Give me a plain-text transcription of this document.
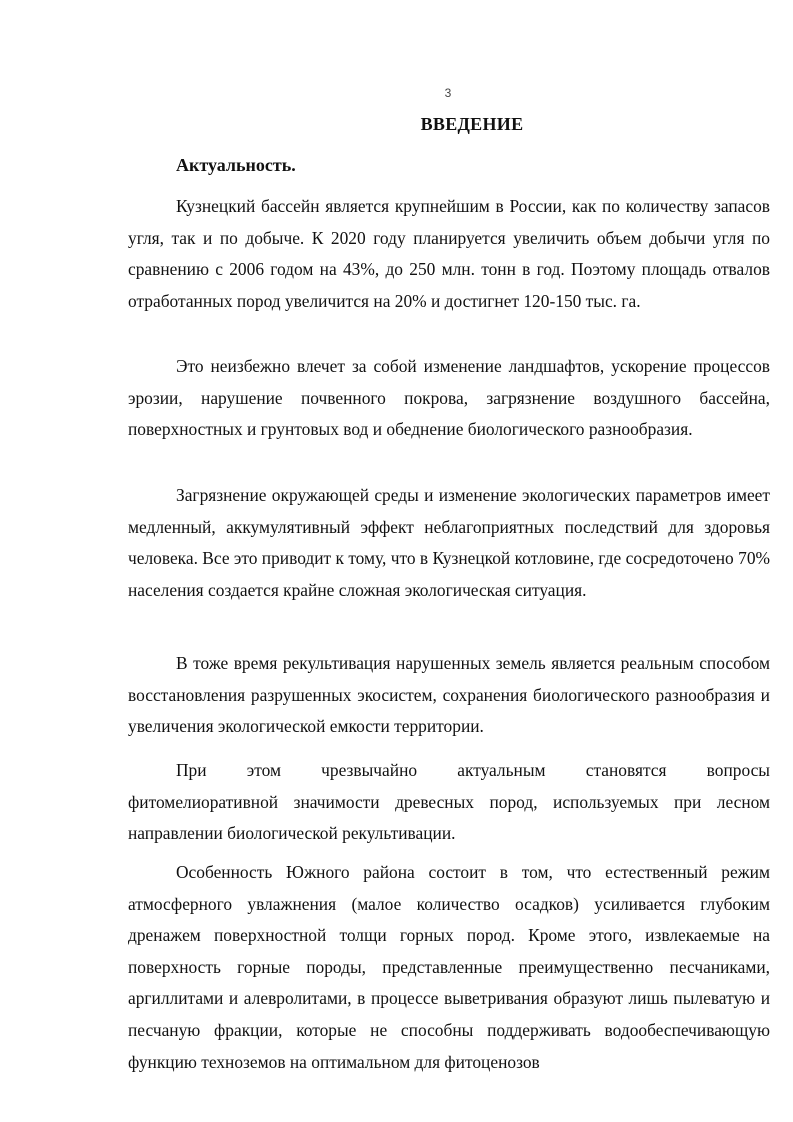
3
ВВЕДЕНИЕ
Актуальность.

Кузнецкий бассейн является крупнейшим в России, как по количеству запасов угля, так и по добыче. К 2020 году планируется увеличить объем добычи угля по сравнению с 2006 годом на 43%, до 250 млн. тонн в год. Поэтому площадь отвалов отработанных пород увеличится на 20% и достигнет 120-150 тыс. га.

Это неизбежно влечет за собой изменение ландшафтов, ускорение процессов эрозии, нарушение почвенного покрова, загрязнение воздушного бассейна, поверхностных и грунтовых вод и обеднение биологического разнообразия.

Загрязнение окружающей среды и изменение экологических параметров имеет медленный, аккумулятивный эффект неблагоприятных последствий для здоровья человека. Все это приводит к тому, что в Кузнецкой котловине, где сосредоточено 70% населения создается крайне сложная экологическая ситуация.

В тоже время рекультивация нарушенных земель является реальным способом восстановления разрушенных экосистем, сохранения биологического разнообразия и увеличения экологической емкости территории.

При этом чрезвычайно актуальным становятся вопросы
фитомелиоративной значимости древесных пород, используемых при лесном направлении биологической рекультивации.

Особенность Южного района состоит в том, что естественный режим атмосферного увлажнения (малое количество осадков) усиливается глубоким дренажем поверхностной толщи горных пород. Кроме этого, извлекаемые на поверхность горные породы, представленные преимущественно песчаниками, аргиллитами и алевролитами, в процессе выветривания образуют лишь пылеватую и песчаную фракции, которые не способны поддерживать водообеспечивающую функцию техноземов на оптимальном для фитоценозов
